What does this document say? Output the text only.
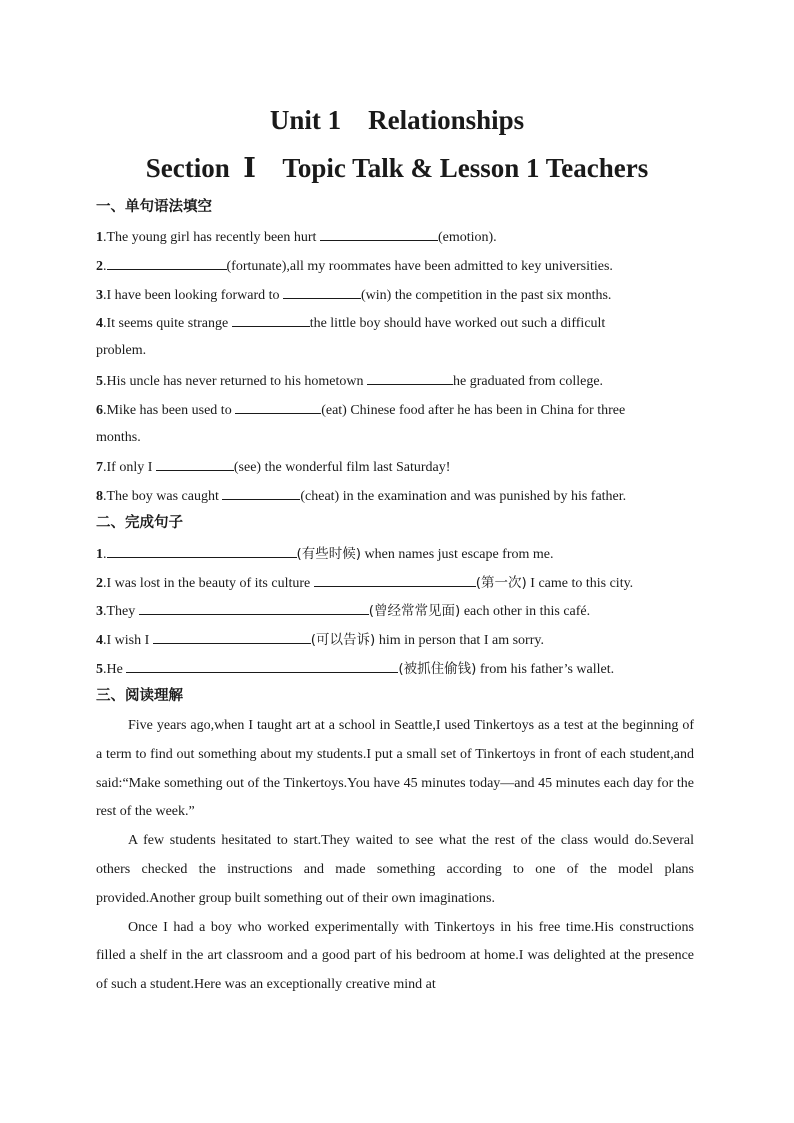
Unit 1    Relationships
Section  Ⅰ    Topic Talk & Lesson 1 Teachers
一、单句语法填空
1.The young girl has recently been hurt	(emotion).
2.	(fortunate),all my roommates have been admitted to key universities.
3.I have been looking forward to	(win) the competition in the past six months.
4.It seems quite strange	the little boy should have worked out such a difficult
problem.
5.His uncle has never returned to his hometown	he graduated from college.
6.Mike has been used to	(eat) Chinese food after he has been in China for three
months.
7.If only I	(see) the wonderful film last Saturday!
8.The boy was caught	(cheat) in the examination and was punished by his father.
二、完成句子
1.	(有些时候) when names just escape from me.
2.I was lost in the beauty of its culture	(第一次) I came to this city.
3.They	(曾经常常见面) each other in this café.
4.I wish I	(可以告诉) him in person that I am sorry.
5.He	(被抓住偷钱) from his father’s wallet.
三、阅读理解

Five years ago,when I taught art at a school in Seattle,I used Tinkertoys as a test at the beginning of a term to find out something about my students.I put a small set of Tinkertoys in front of each student,and said:“Make something out of the Tinkertoys.You have 45 minutes today—and 45 minutes each day for the rest of the week.”

A few students hesitated to start.They waited to see what the rest of the class would do.Several others checked the instructions and made something according to one of the model plans provided.Another group built something out of their own imaginations.

Once I had a boy who worked experimentally with Tinkertoys in his free time.His constructions filled a shelf in the art classroom and a good part of his bedroom at home.I was delighted at the presence of such a student.Here was an exceptionally creative mind at
